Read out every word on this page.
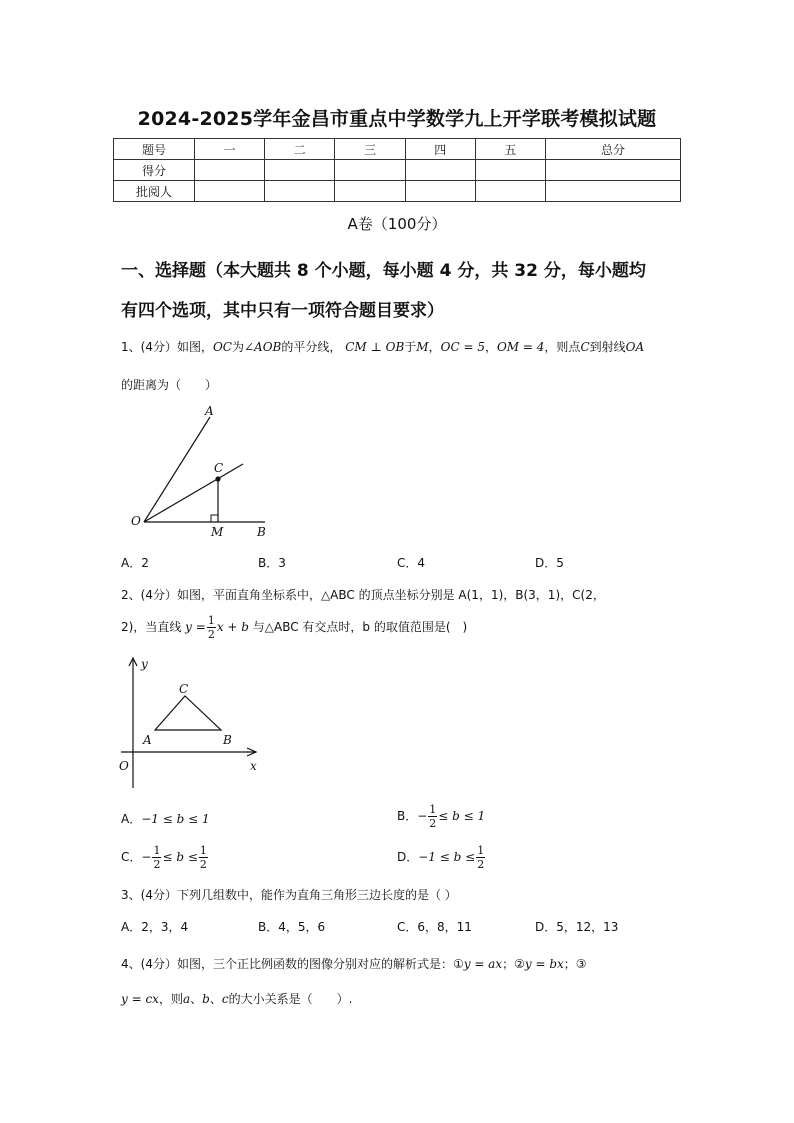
2024-2025学年金昌市重点中学数学九上开学联考模拟试题
题号	一	二	三	四	五	总分
得分						
批阅人						
A卷（100分）
一、选择题（本大题共 8 个小题，每小题 4 分，共 32 分，每小题均
有四个选项，其中只有一项符合题目要求）
1、(4分）如图，OC为∠AOB的平分线， CM ⊥ OB于M，OC = 5，OM = 4，则点C到射线OA
的距离为（　　）
A
C
O
M	B
A．2	B．3	C．4	D．5
2、(4分）如图，平面直角坐标系中，△ABC 的顶点坐标分别是 A(1，1)，B(3，1)，C(2，
2)，当直线 $y = \frac{1}{2}$ x + b 与△ABC 有交点时，b 的取值范围是(　)
y
C
A	B
O	x
A．−1 ≤ b ≤ 1	B．− $\frac{1}{2} \le b \le 1$
C．− $\frac{1}{2} \le b \le \frac{1}{2}$	D．$-1 \le b \le \frac{1}{2}$
3、(4分）下列几组数中，能作为直角三角形三边长度的是（ ）
A．2，3，4	B．4，5，6	C．6，8，11	D．5，12，13
4、(4分）如图，三个正比例函数的图像分别对应的解析式是：①y = ax；②y = bx；③
y = cx，则a、b、c的大小关系是（　　）.
